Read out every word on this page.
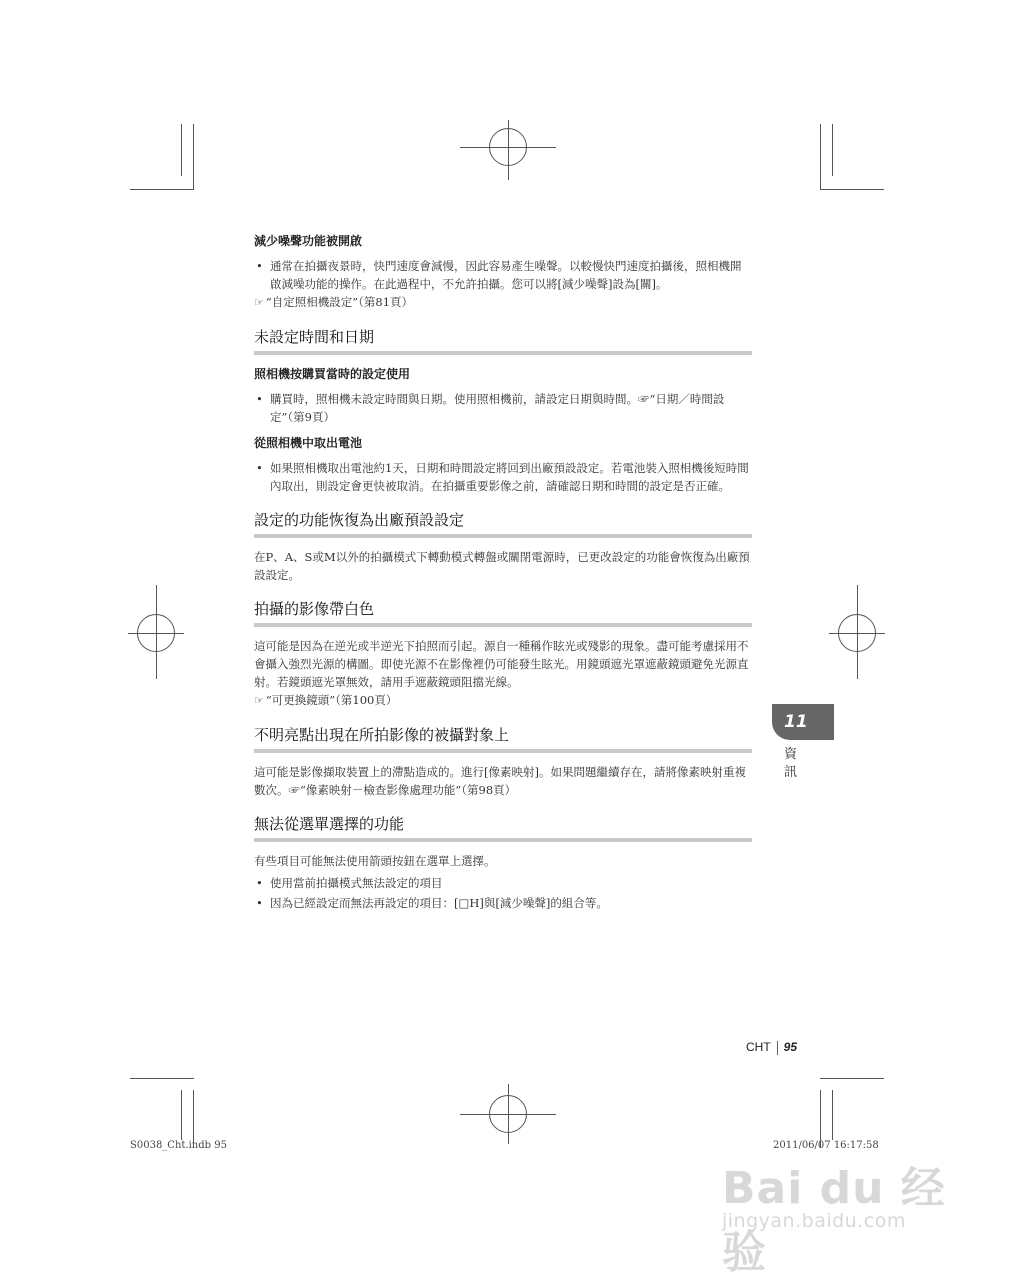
減少噪聲功能被開啟
• 通常在拍攝夜景時，快門速度會減慢，因此容易產生噪聲。以較慢快門速度拍攝後，照相機開啟減噪功能的操作。在此過程中，不允許拍攝。您可以將[減少噪聲]設為[關]。
☞ “自定照相機設定”（第81頁）
未設定時間和日期
照相機按購買當時的設定使用
• 購買時，照相機未設定時間與日期。使用照相機前，請設定日期與時間。☞“日期／時間設定”（第9頁）
從照相機中取出電池
• 如果照相機取出電池約1天，日期和時間設定將回到出廠預設設定。若電池裝入照相機後短時間內取出，則設定會更快被取消。在拍攝重要影像之前，請確認日期和時間的設定是否正確。
設定的功能恢復為出廠預設設定
在P、A、S或M以外的拍攝模式下轉動模式轉盤或關閉電源時，已更改設定的功能會恢復為出廠預設設定。
拍攝的影像帶白色
這可能是因為在逆光或半逆光下拍照而引起。源自一種稱作眩光或殘影的現象。盡可能考慮採用不會攝入強烈光源的構圖。即使光源不在影像裡仍可能發生眩光。用鏡頭遮光罩遮蔽鏡頭避免光源直射。若鏡頭遮光罩無效，請用手遮蔽鏡頭阻擋光線。
☞ “可更換鏡頭”（第100頁）
不明亮點出現在所拍影像的被攝對象上
這可能是影像擷取裝置上的滯點造成的。進行[像素映射]。如果問題繼續存在，請將像素映射重複數次。☞“像素映射－檢查影像處理功能”（第98頁）
無法從選單選擇的功能
有些項目可能無法使用箭頭按鈕在選單上選擇。
• 使用當前拍攝模式無法設定的項目
• 因為已經設定而無法再設定的項目：[□H]與[減少噪聲]的組合等。
11
資訊
CHT 95
S0038_Cht.indb 95	2011/06/07 16:17:58
Bai du 经验
jingyan.baidu.com
